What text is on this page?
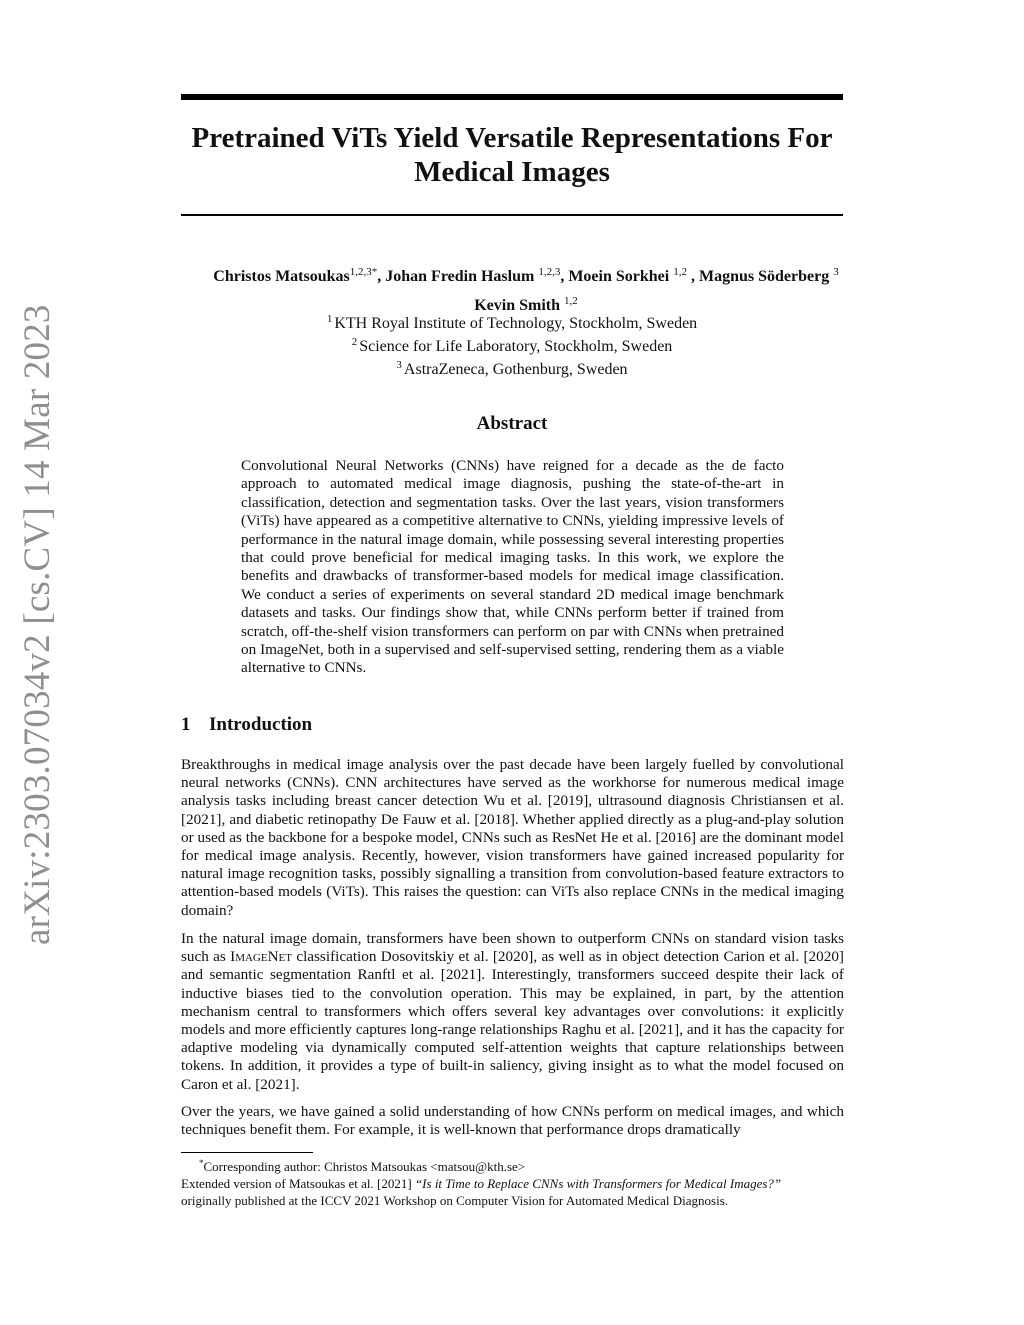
arXiv:2303.07034v2 [cs.CV] 14 Mar 2023
Pretrained ViTs Yield Versatile Representations For
Medical Images
Christos Matsoukas$^{1,2,3*}$, Johan Fredin Haslum $^{1,2,3}$, Moein Sorkhei $^{1,2}$ , Magnus Söderberg $^3$
Kevin Smith $^{1,2}$
$^1$ KTH Royal Institute of Technology, Stockholm, Sweden
$^2$ Science for Life Laboratory, Stockholm, Sweden
$^3$ AstraZeneca, Gothenburg, Sweden
Abstract
Convolutional Neural Networks (CNNs) have reigned for a decade as the de facto approach to automated medical image diagnosis, pushing the state-of-the-art in classification, detection and segmentation tasks. Over the last years, vision transformers (ViTs) have appeared as a competitive alternative to CNNs, yielding impressive levels of performance in the natural image domain, while possessing several interesting properties that could prove beneficial for medical imaging tasks. In this work, we explore the benefits and drawbacks of transformer-based models for medical image classification. We conduct a series of experiments on several standard 2D medical image benchmark datasets and tasks. Our findings show that, while CNNs perform better if trained from scratch, off-the-shelf vision transformers can perform on par with CNNs when pretrained on ImageNet, both in a supervised and self-supervised setting, rendering them as a viable alternative to CNNs.
1 Introduction
Breakthroughs in medical image analysis over the past decade have been largely fuelled by convolutional neural networks (CNNs). CNN architectures have served as the workhorse for numerous medical image analysis tasks including breast cancer detection Wu et al. [2019], ultrasound diagnosis Christiansen et al. [2021], and diabetic retinopathy De Fauw et al. [2018]. Whether applied directly as a plug-and-play solution or used as the backbone for a bespoke model, CNNs such as ResNet He et al. [2016] are the dominant model for medical image analysis. Recently, however, vision transformers have gained increased popularity for natural image recognition tasks, possibly signalling a transition from convolution-based feature extractors to attention-based models (ViTs). This raises the question: can ViTs also replace CNNs in the medical imaging domain?
In the natural image domain, transformers have been shown to outperform CNNs on standard vision tasks such as ImageNet classification Dosovitskiy et al. [2020], as well as in object detection Carion et al. [2020] and semantic segmentation Ranftl et al. [2021]. Interestingly, transformers succeed despite their lack of inductive biases tied to the convolution operation. This may be explained, in part, by the attention mechanism central to transformers which offers several key advantages over convolutions: it explicitly models and more efficiently captures long-range relationships Raghu et al. [2021], and it has the capacity for adaptive modeling via dynamically computed self-attention weights that capture relationships between tokens. In addition, it provides a type of built-in saliency, giving insight as to what the model focused on Caron et al. [2021].
Over the years, we have gained a solid understanding of how CNNs perform on medical images, and which techniques benefit them. For example, it is well-known that performance drops dramatically
*Corresponding author: Christos Matsoukas <matsou@kth.se>
Extended version of Matsoukas et al. [2021] “Is it Time to Replace CNNs with Transformers for Medical Images?”
originally published at the ICCV 2021 Workshop on Computer Vision for Automated Medical Diagnosis.
